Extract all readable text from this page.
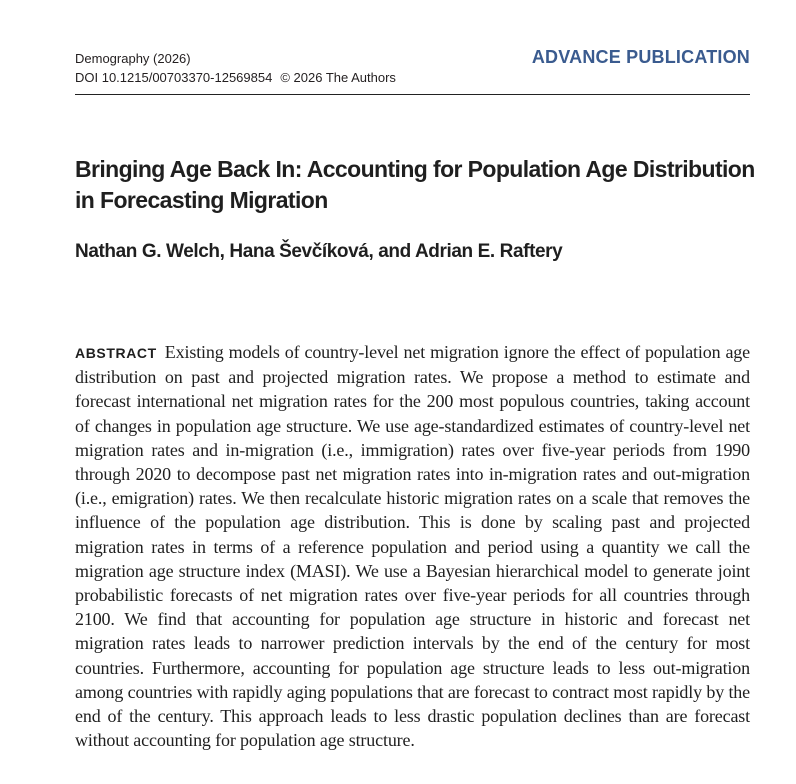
Demography (2026)
DOI 10.1215/00703370-12569854 © 2026 The Authors
ADVANCE PUBLICATION
Bringing Age Back In: Accounting for Population Age Distribution in Forecasting Migration
Nathan G. Welch, Hana Ševčíková, and Adrian E. Raftery

ABSTRACT Existing models of country-level net migration ignore the effect of population age distribution on past and projected migration rates. We propose a method to estimate and forecast international net migration rates for the 200 most populous countries, taking account of changes in population age structure. We use age-standardized estimates of country-level net migration rates and in-migration (i.e., immigration) rates over five-year periods from 1990 through 2020 to decompose past net migration rates into in-migration rates and out-migration (i.e., emigration) rates. We then recalculate historic migration rates on a scale that removes the influence of the population age distribution. This is done by scaling past and projected migration rates in terms of a reference population and period using a quantity we call the migration age structure index (MASI). We use a Bayesian hierarchical model to generate joint probabilistic forecasts of net migration rates over five-year periods for all countries through 2100. We find that accounting for population age structure in historic and forecast net migration rates leads to narrower prediction intervals by the end of the century for most countries. Furthermore, accounting for population age structure leads to less out-migration among countries with rapidly aging populations that are forecast to contract most rapidly by the end of the century. This approach leads to less drastic population declines than are forecast without accounting for population age structure.
